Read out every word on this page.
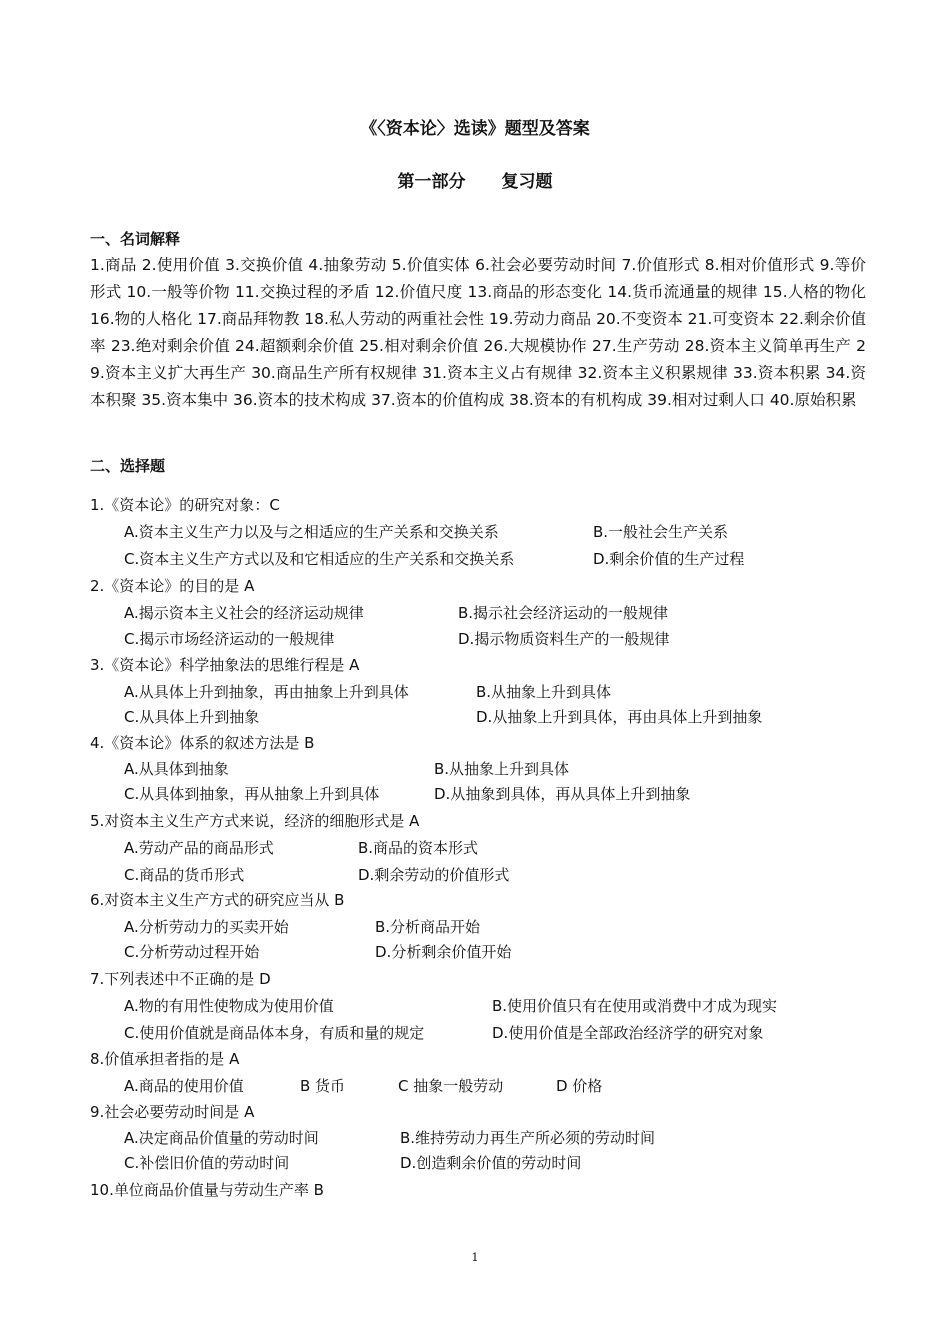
《〈资本论〉选读》题型及答案
第一部分 复习题
一、名词解释
1.商品 2.使用价值 3.交换价值 4.抽象劳动 5.价值实体 6.社会必要劳动时间 7.价值形式 8.相对价值形式 9.等价形式 10.一般等价物 11.交换过程的矛盾 12.价值尺度 13.商品的形态变化 14.货币流通量的规律 15.人格的物化 16.物的人格化 17.商品拜物教 18.私人劳动的两重社会性 19.劳动力商品 20.不变资本 21.可变资本 22.剩余价值率 23.绝对剩余价值 24.超额剩余价值 25.相对剩余价值 26.大规模协作 27.生产劳动 28.资本主义简单再生产 29.资本主义扩大再生产 30.商品生产所有权规律 31.资本主义占有规律 32.资本主义积累规律 33.资本积累 34.资本积聚 35.资本集中 36.资本的技术构成 37.资本的价值构成 38.资本的有机构成 39.相对过剩人口 40.原始积累
二、选择题
1.《资本论》的研究对象：C
A.资本主义生产力以及与之相适应的生产关系和交换关系	B.一般社会生产关系
C.资本主义生产方式以及和它相适应的生产关系和交换关系	D.剩余价值的生产过程
2.《资本论》的目的是 A
A.揭示资本主义社会的经济运动规律	B.揭示社会经济运动的一般规律
C.揭示市场经济运动的一般规律	D.揭示物质资料生产的一般规律
3.《资本论》科学抽象法的思维行程是 A
A.从具体上升到抽象，再由抽象上升到具体	B.从抽象上升到具体
C.从具体上升到抽象	D.从抽象上升到具体，再由具体上升到抽象
4.《资本论》体系的叙述方法是 B
A.从具体到抽象	B.从抽象上升到具体
C.从具体到抽象，再从抽象上升到具体	D.从抽象到具体，再从具体上升到抽象
5.对资本主义生产方式来说，经济的细胞形式是 A
A.劳动产品的商品形式	B.商品的资本形式
C.商品的货币形式	D.剩余劳动的价值形式
6.对资本主义生产方式的研究应当从 B
A.分析劳动力的买卖开始	B.分析商品开始
C.分析劳动过程开始	D.分析剩余价值开始
7.下列表述中不正确的是 D
A.物的有用性使物成为使用价值	B.使用价值只有在使用或消费中才成为现实
C.使用价值就是商品体本身，有质和量的规定	D.使用价值是全部政治经济学的研究对象
8.价值承担者指的是 A
A.商品的使用价值	B 货币	C 抽象一般劳动	D 价格
9.社会必要劳动时间是 A
A.决定商品价值量的劳动时间	B.维持劳动力再生产所必须的劳动时间
C.补偿旧价值的劳动时间	D.创造剩余价值的劳动时间
10.单位商品价值量与劳动生产率 B
1
